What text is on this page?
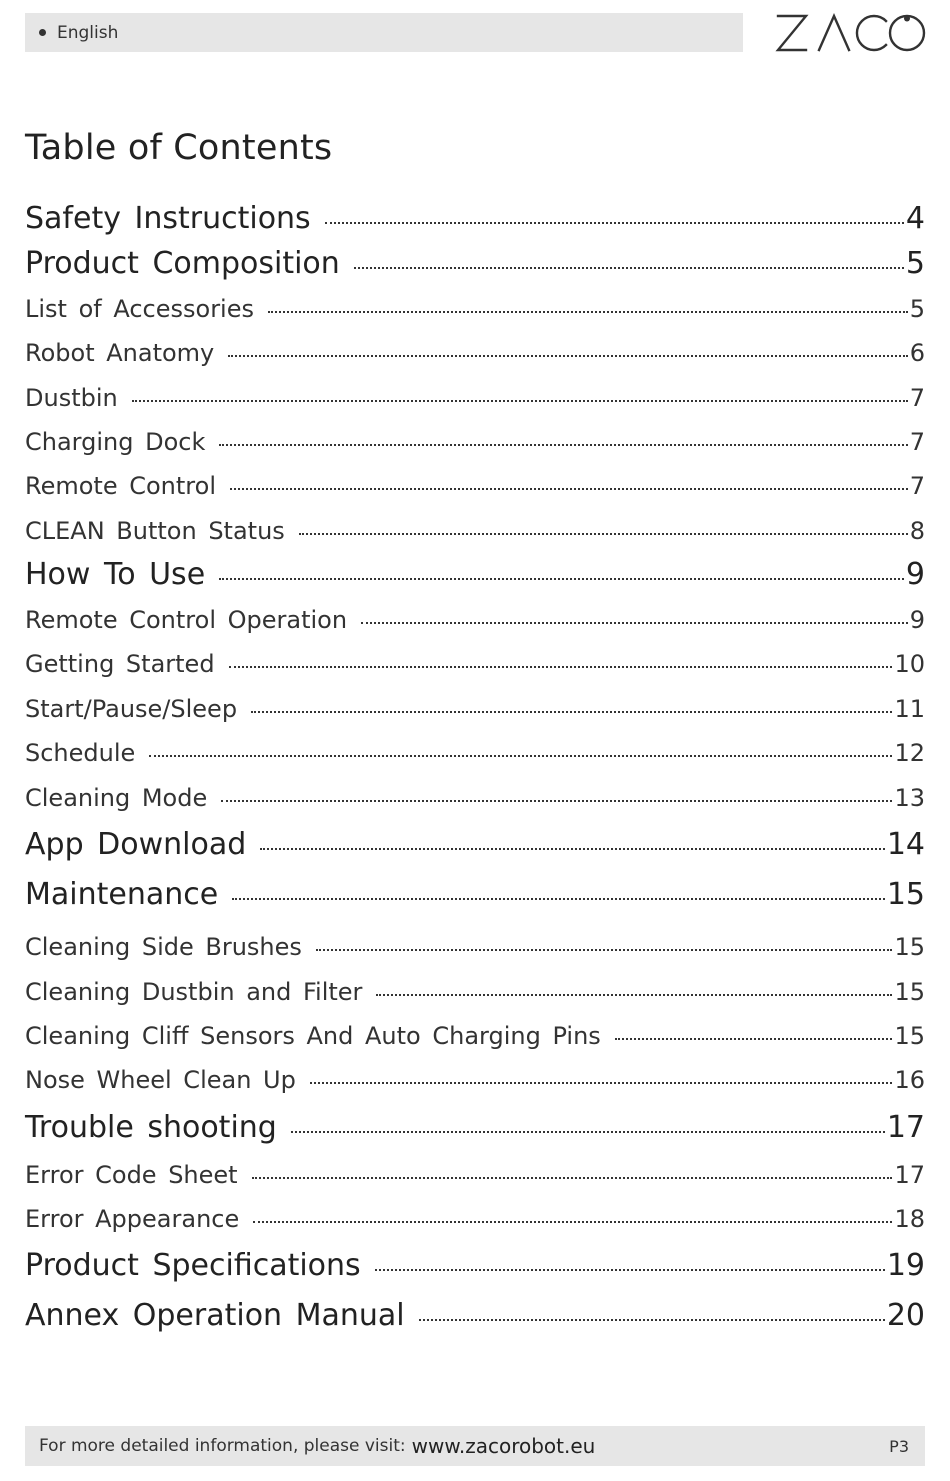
English
Table of Contents
Safety Instructions	4
Product Composition	5
List of Accessories	5
Robot Anatomy	6
Dustbin	7
Charging Dock	7
Remote Control	7
CLEAN Button Status	8
How To Use	9
Remote Control Operation	9
Getting Started	10
Start/Pause/Sleep	11
Schedule	12
Cleaning Mode	13
App Download	14
Maintenance	15
Cleaning Side Brushes	15
Cleaning Dustbin and Filter	15
Cleaning Cliff Sensors And Auto Charging Pins	15
Nose Wheel Clean Up	16
Trouble shooting	17
Error Code Sheet	17
Error Appearance	18
Product Specifications	19
Annex Operation Manual	20
For more detailed information, please visit: www.zacorobot.eu	P3
